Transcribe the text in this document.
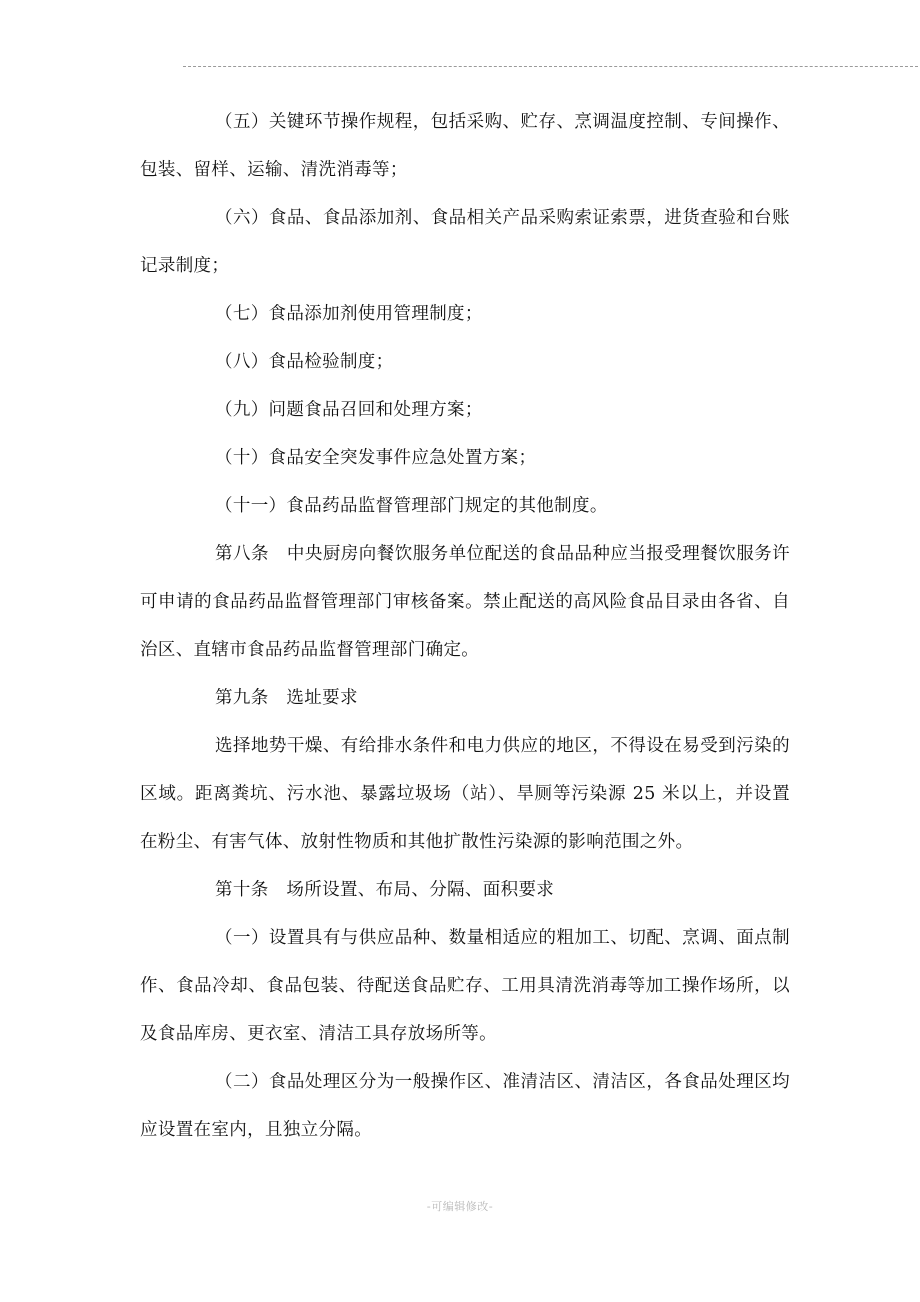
（五）关键环节操作规程，包括采购、贮存、烹调温度控制、专间操作、包装、留样、运输、清洗消毒等；

（六）食品、食品添加剂、食品相关产品采购索证索票，进货查验和台账记录制度；

（七）食品添加剂使用管理制度；

（八）食品检验制度；

（九）问题食品召回和处理方案；

（十）食品安全突发事件应急处置方案；

（十一）食品药品监督管理部门规定的其他制度。

第八条　中央厨房向餐饮服务单位配送的食品品种应当报受理餐饮服务许可申请的食品药品监督管理部门审核备案。禁止配送的高风险食品目录由各省、自治区、直辖市食品药品监督管理部门确定。

第九条　选址要求

选择地势干燥、有给排水条件和电力供应的地区，不得设在易受到污染的区域。距离粪坑、污水池、暴露垃圾场（站）、旱厕等污染源 25 米以上，并设置在粉尘、有害气体、放射性物质和其他扩散性污染源的影响范围之外。

第十条　场所设置、布局、分隔、面积要求

（一）设置具有与供应品种、数量相适应的粗加工、切配、烹调、面点制作、食品冷却、食品包装、待配送食品贮存、工用具清洗消毒等加工操作场所，以及食品库房、更衣室、清洁工具存放场所等。

（二）食品处理区分为一般操作区、准清洁区、清洁区，各食品处理区均应设置在室内，且独立分隔。

-可编辑修改-
